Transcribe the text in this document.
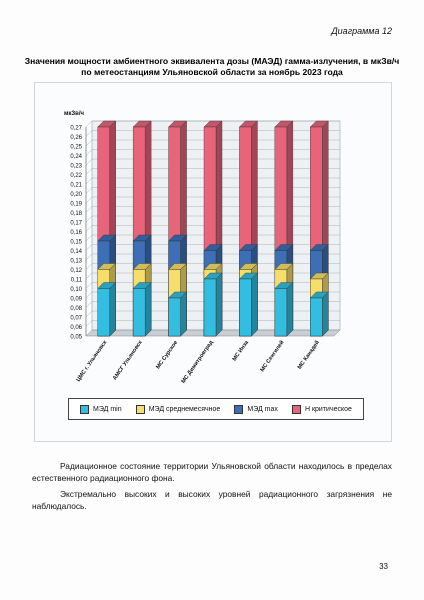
Диаграмма 12
Значения мощности амбиентного эквивалента дозы (МАЭД) гамма-излучения, в мкЗв/ч
по метеостанциям Ульяновской области за ноябрь 2023 года
0,05
0,06
0,07
0,08
0,09
0,10
0,11
0,12
0,13
0,14
0,15
0,16
0,17
0,18
0,19
0,20
0,21
0,22
0,23
0,24
0,25
0,26
0,27
мкЗв/ч
ЦМС г. Ульяновск АМСГ Ульяновск МС Сурское МС Димитровград	МС Инза МС Сенгилей МС Канадей
МЭД min	МЭД среднемесячное	МЭД max	Н критическое
Радиационное состояние территории Ульяновской области находилось в пределах естественного радиационного фона.
Экстремально высоких и высоких уровней радиационного загрязнения не наблюдалось.
33
